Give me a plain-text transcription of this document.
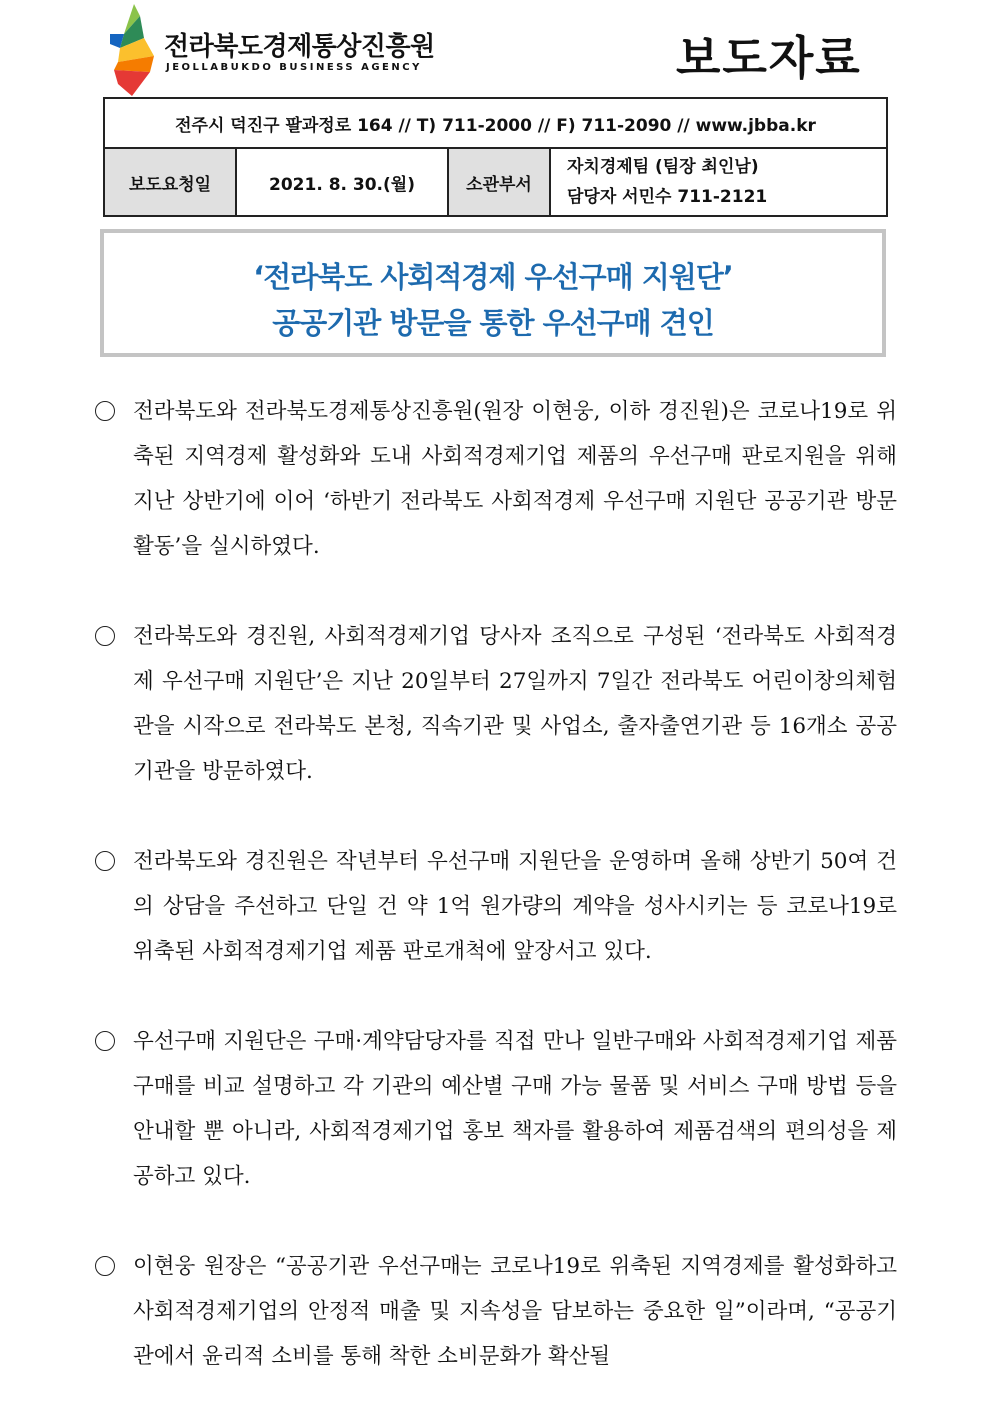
전라북도경제통상진흥원
JEOLLABUKDO BUSINESS AGENCY	보도자료
전주시 덕진구 팔과정로 164 // T) 711-2000 // F) 711-2090 // www.jbba.kr
보도요청일	2021. 8. 30.(월)	소관부서	
자치경제팀 (팀장 최인남)
담당자 서민수 711-2121
‘전라북도 사회적경제 우선구매 지원단’
공공기관 방문을 통한 우선구매 견인
전라북도와 전라북도경제통상진흥원(원장 이현웅, 이하 경진원)은 코로나19로 위축된 지역경제 활성화와 도내 사회적경제기업 제품의 우선구매 판로지원을 위해 지난 상반기에 이어 ‘하반기 전라북도 사회적경제 우선구매 지원단 공공기관 방문활동’을 실시하였다.
전라북도와 경진원, 사회적경제기업 당사자 조직으로 구성된 ‘전라북도 사회적경제 우선구매 지원단’은 지난 20일부터 27일까지 7일간 전라북도 어린이창의체험관을 시작으로 전라북도 본청, 직속기관 및 사업소, 출자출연기관 등 16개소 공공기관을 방문하였다.
전라북도와 경진원은 작년부터 우선구매 지원단을 운영하며 올해 상반기 50여 건의 상담을 주선하고 단일 건 약 1억 원가량의 계약을 성사시키는 등 코로나19로 위축된 사회적경제기업 제품 판로개척에 앞장서고 있다.
우선구매 지원단은 구매·계약담당자를 직접 만나 일반구매와 사회적경제기업 제품 구매를 비교 설명하고 각 기관의 예산별 구매 가능 물품 및 서비스 구매 방법 등을 안내할 뿐 아니라, 사회적경제기업 홍보 책자를 활용하여 제품검색의 편의성을 제공하고 있다.
이현웅 원장은 “공공기관 우선구매는 코로나19로 위축된 지역경제를 활성화하고 사회적경제기업의 안정적 매출 및 지속성을 담보하는 중요한 일”이라며, “공공기관에서 윤리적 소비를 통해 착한 소비문화가 확산될
